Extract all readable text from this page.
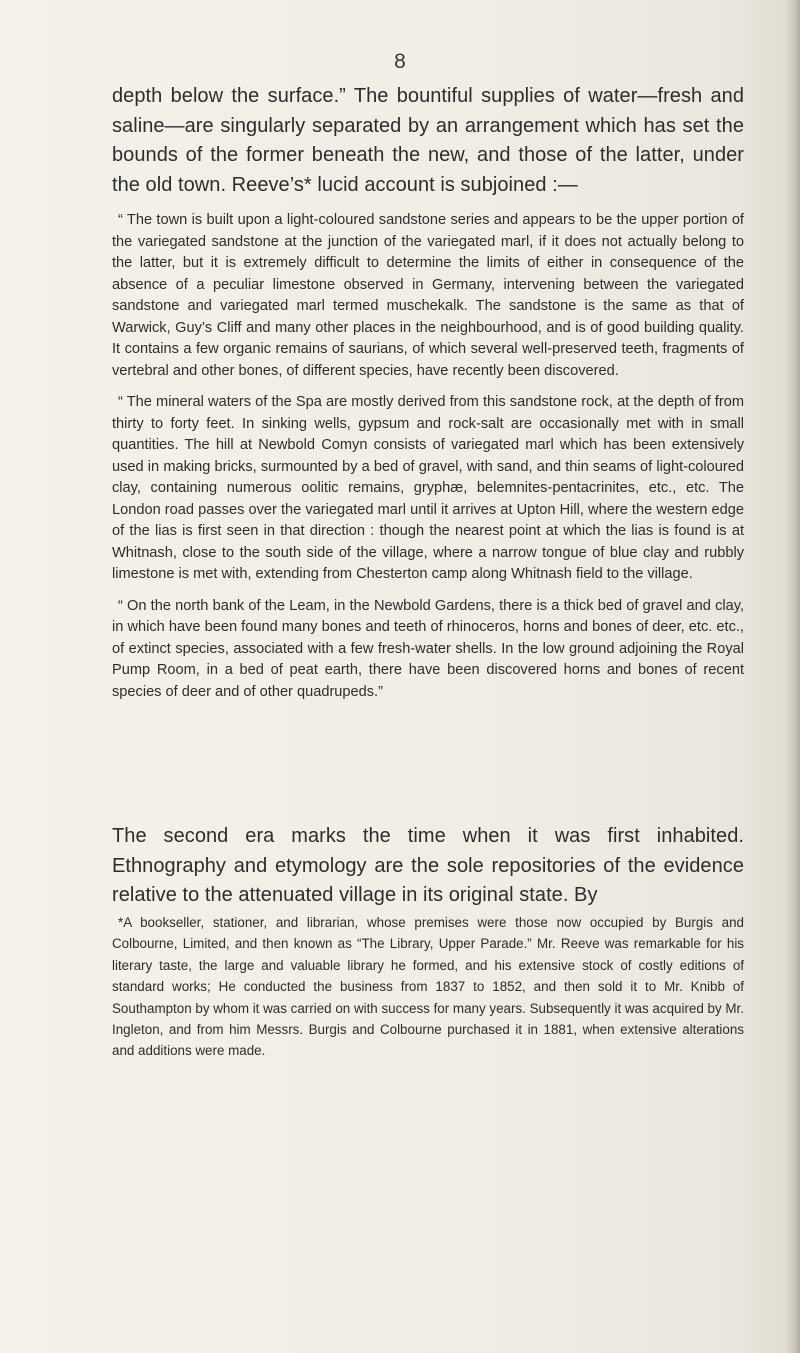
8

depth below the surface.” The bountiful supplies of water—fresh and saline—are singularly separated by an arrangement which has set the bounds of the former beneath the new, and those of the latter, under the old town. Reeve’s* lucid account is subjoined :—

“ The town is built upon a light-coloured sandstone series and appears to be the upper portion of the variegated sandstone at the junction of the variegated marl, if it does not actually belong to the latter, but it is extremely difficult to determine the limits of either in consequence of the absence of a peculiar limestone observed in Germany, intervening between the variegated sandstone and variegated marl termed muschekalk. The sandstone is the same as that of Warwick, Guy’s Cliff and many other places in the neighbourhood, and is of good building quality. It contains a few organic remains of saurians, of which several well-preserved teeth, fragments of vertebral and other bones, of different species, have recently been discovered.

“ The mineral waters of the Spa are mostly derived from this sandstone rock, at the depth of from thirty to forty feet. In sinking wells, gypsum and rock-salt are occasionally met with in small quantities. The hill at Newbold Comyn consists of variegated marl which has been extensively used in making bricks, surmounted by a bed of gravel, with sand, and thin seams of light-coloured clay, containing numerous oolitic remains, gryphæ, belemnites-pentacrinites, etc., etc. The London road passes over the variegated marl until it arrives at Upton Hill, where the western edge of the lias is first seen in that direction : though the nearest point at which the lias is found is at Whitnash, close to the south side of the village, where a narrow tongue of blue clay and rubbly limestone is met with, extending from Chesterton camp along Whitnash field to the village.

“ On the north bank of the Leam, in the Newbold Gardens, there is a thick bed of gravel and clay, in which have been found many bones and teeth of rhinoceros, horns and bones of deer, etc. etc., of extinct species, associated with a few fresh-water shells. In the low ground adjoining the Royal Pump Room, in a bed of peat earth, there have been discovered horns and bones of recent species of deer and of other quadrupeds.”

The second era marks the time when it was first inhabited. Ethnography and etymology are the sole repositories of the evidence relative to the attenuated village in its original state. By

*A bookseller, stationer, and librarian, whose premises were those now occupied by Burgis and Colbourne, Limited, and then known as “The Library, Upper Parade.” Mr. Reeve was remarkable for his literary taste, the large and valuable library he formed, and his extensive stock of costly editions of standard works; He conducted the business from 1837 to 1852, and then sold it to Mr. Knibb of Southampton by whom it was carried on with success for many years. Subsequently it was acquired by Mr. Ingleton, and from him Messrs. Burgis and Colbourne purchased it in 1881, when extensive alterations and additions were made.
